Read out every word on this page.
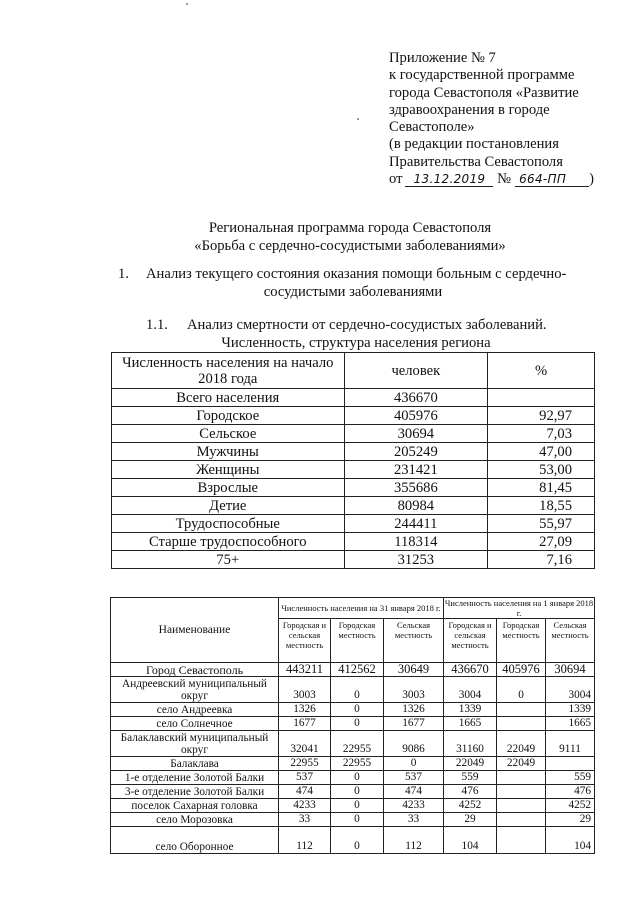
Приложение № 7
к государственной программе
города Севастополя «Развитие
здравоохранения в городе
Севастополе»
(в редакции постановления
Правительства Севастополя
от 13.12.2019 № 664-ПП )
Региональная программа города Севастополя
«Борьба с сердечно-сосудистыми заболеваниями»
1. Анализ текущего состояния оказания помощи больным с сердечно-
сосудистыми заболеваниями
1.1. Анализ смертности от сердечно-сосудистых заболеваний.
Численность, структура населения региона
Численность населения на начало 2018 года	человек	%
Всего населения	436670	
Городское	405976	92,97
Сельское	30694	7,03
Мужчины	205249	47,00
Женщины	231421	53,00
Взрослые	355686	81,45
Детие	80984	18,55
Трудоспособные	244411	55,97
Старше трудоспособного	118314	27,09
75+	31253	7,16
Наименование	Численность населения на 31 января 2018 г.			Численность населения на 1 января 2018 г.		
	Городская и сельская местность	Городская местность	Сельская местность	Городская и сельская местность	Городская местность	Сельская местность
Город Севастополь	443211	412562	30649	436670	405976	30694
Андреевский муниципальный округ	3003	0	3003	3004	0	3004
село Андреевка	1326	0	1326	1339		1339
село Солнечное	1677	0	1677	1665		1665
Балаклавский муниципальный округ	32041	22955	9086	31160	22049	9111
Балаклава	22955	22955	0	22049	22049	
1-е отделение Золотой Балки	537	0	537	559		559
3-е отделение Золотой Балки	474	0	474	476		476
поселок Сахарная головка	4233	0	4233	4252		4252
село Морозовка	33	0	33	29		29
село Оборонное	112	0	112	104		104
